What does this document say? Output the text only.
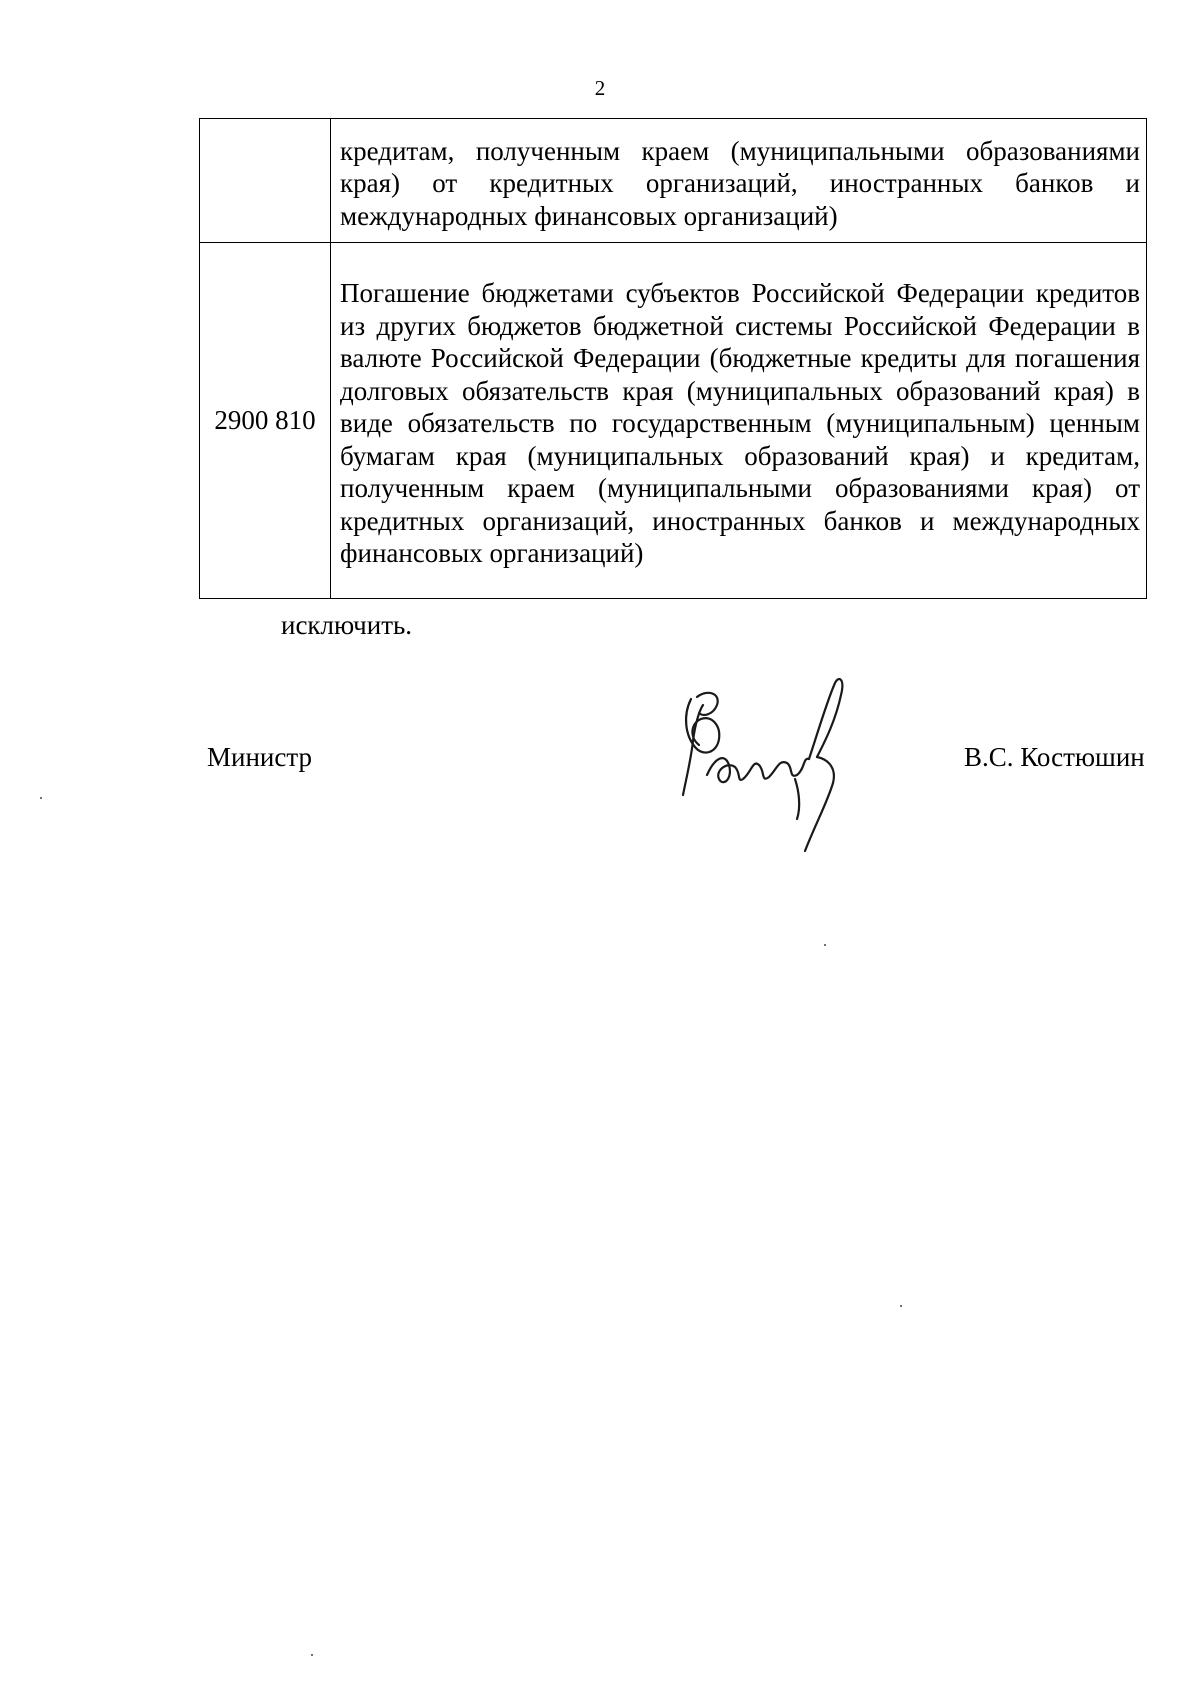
2
	кредитам, полученным краем (муниципальными образованиями края) от кредитных организаций, иностранных банков и международных финансовых организаций)
2900 810	Погашение бюджетами субъектов Российской Федерации кредитов из других бюджетов бюджетной системы Российской Федерации в валюте Российской Федерации (бюджетные кредиты для погашения долговых обязательств края (муниципальных образований края) в виде обязательств по государственным (муниципальным) ценным бумагам края (муниципальных образований края) и кредитам, полученным краем (муниципальными образованиями края) от кредитных организаций, иностранных банков и международных финансовых организаций)
исключить.
Министр	В.С. Костюшин
